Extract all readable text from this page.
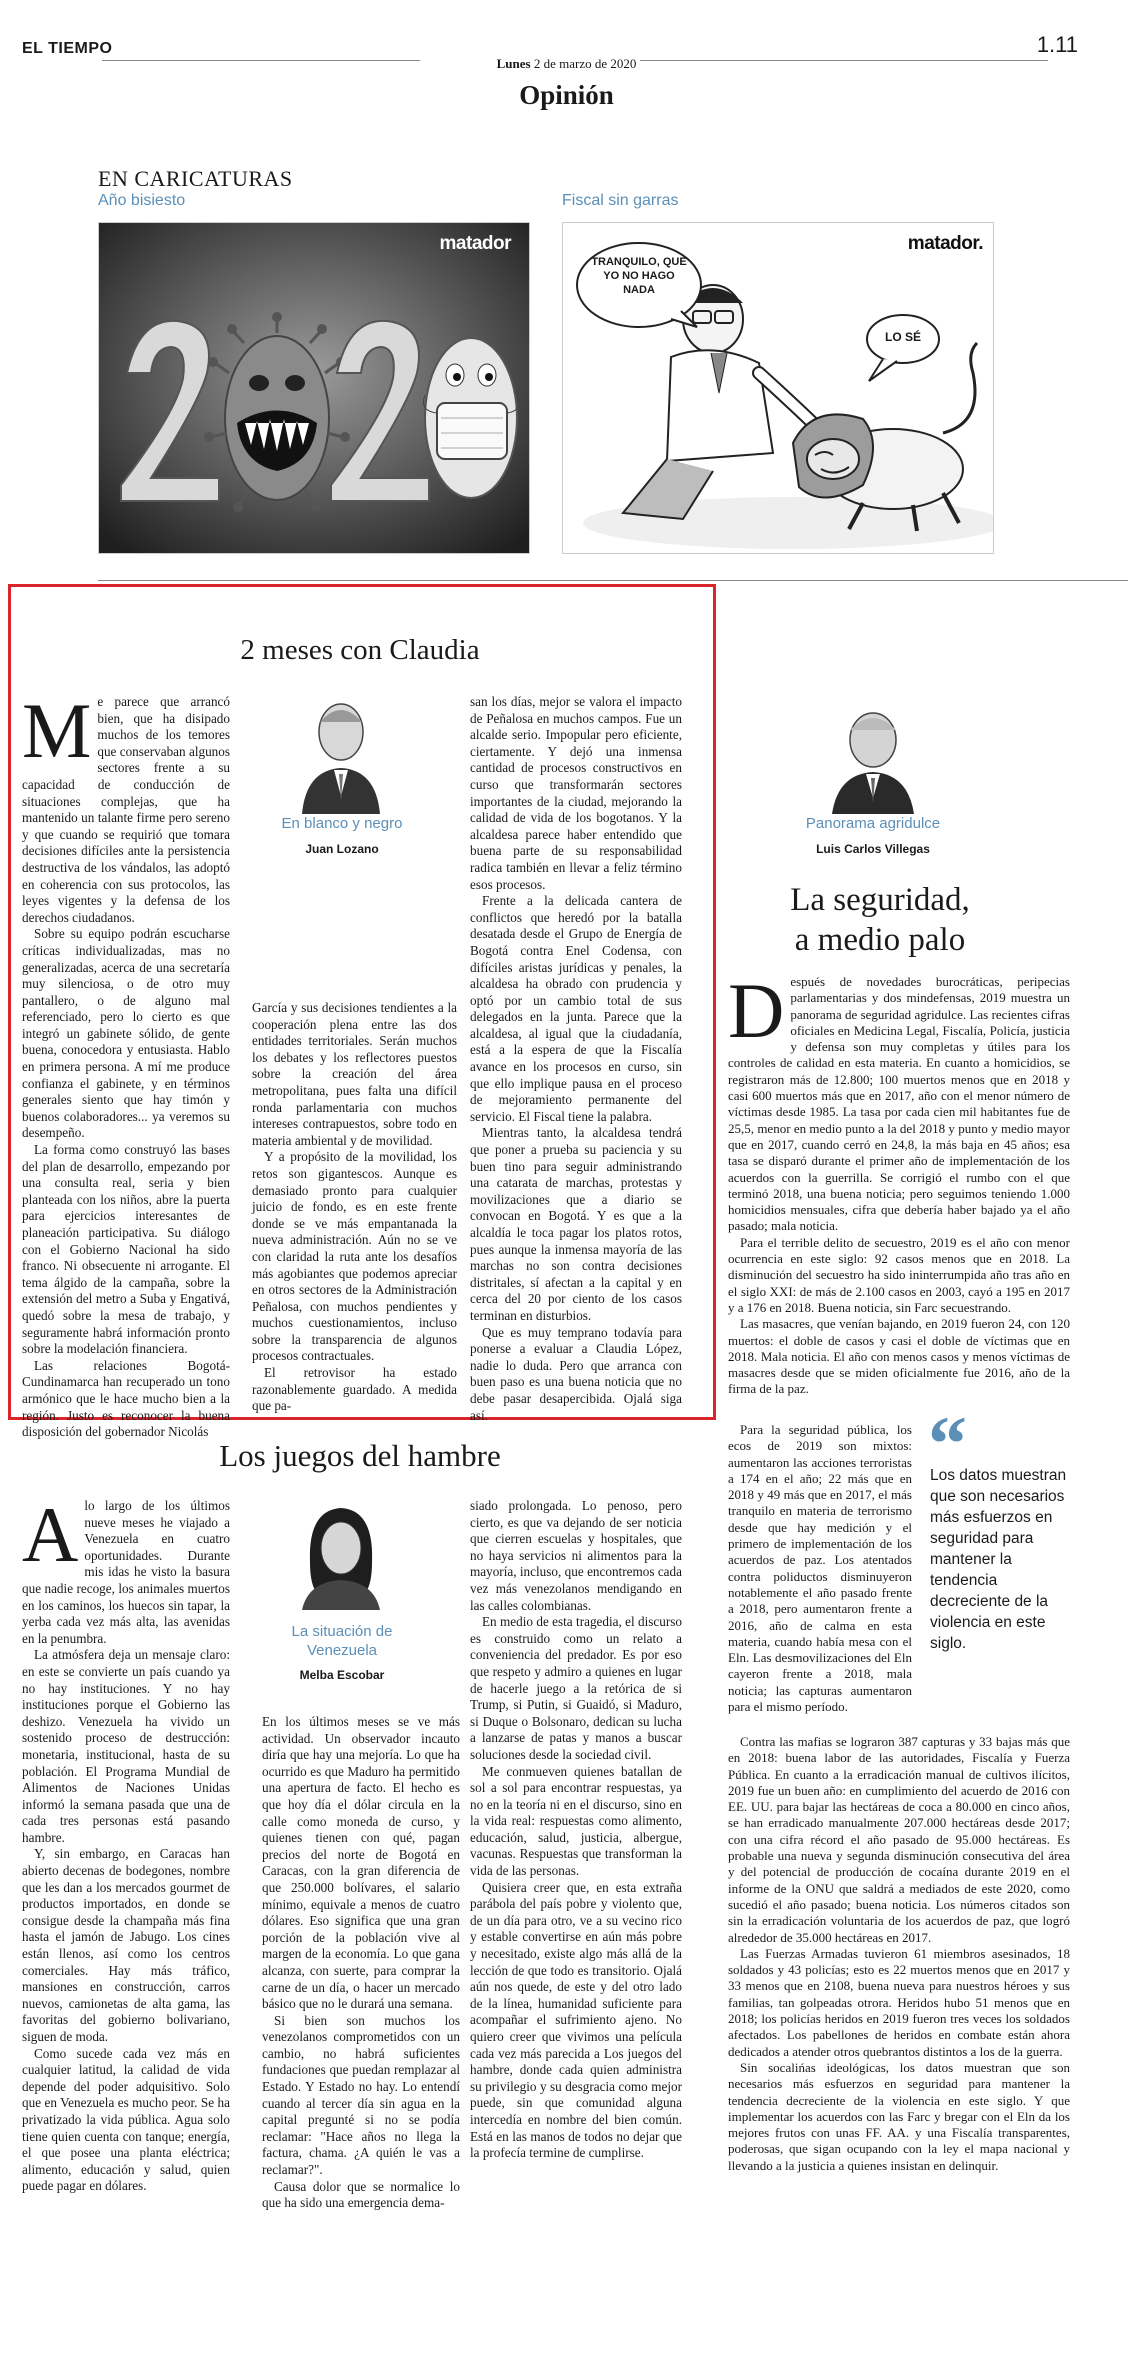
EL TIEMPO
Lunes 2 de marzo de 2020
1.11
Opinión
EN CARICATURAS
Año bisiesto	Fiscal sin garras
matador
TRANQUILO, QUE YO NO HAGO NADA
LO SÉ
matador.
2 meses con Claudia
En blanco y negro
Juan Lozano
M e parece que arrancó bien, que ha disipado muchos de los temores que conservaban algunos sectores frente a su capacidad de conducción de situaciones complejas, que ha mantenido un talante firme pero sereno y que cuando se requirió que tomara decisiones difíciles ante la persistencia destructiva de los vándalos, las adoptó en coherencia con sus protocolos, las leyes vigentes y la defensa de los derechos ciudadanos.

Sobre su equipo podrán escucharse críticas individualizadas, mas no generalizadas, acerca de una secretaría muy silenciosa, o de otro muy pantallero, o de alguno mal referenciado, pero lo cierto es que integró un gabinete sólido, de gente buena, conocedora y entusiasta. Hablo en primera persona. A mí me produce confianza el gabinete, y en términos generales siento que hay timón y buenos colaboradores... ya veremos su desempeño.

La forma como construyó las bases del plan de desarrollo, empezando por una consulta real, seria y bien planteada con los niños, abre la puerta para ejercicios interesantes de planeación participativa. Su diálogo con el Gobierno Nacional ha sido franco. Ni obsecuente ni arrogante. El tema álgido de la campaña, sobre la extensión del metro a Suba y Engativá, quedó sobre la mesa de trabajo, y seguramente habrá información pronto sobre la modelación financiera.

Las relaciones Bogotá-Cundinamarca han recuperado un tono armónico que le hace mucho bien a la región. Justo es reconocer la buena disposición del gobernador Nicolás

García y sus decisiones tendientes a la cooperación plena entre las dos entidades territoriales. Serán muchos los debates y los reflectores puestos sobre la creación del área metropolitana, pues falta una difícil ronda parlamentaria con muchos intereses contrapuestos, sobre todo en materia ambiental y de movilidad.

Y a propósito de la movilidad, los retos son gigantescos. Aunque es demasiado pronto para cualquier juicio de fondo, es en este frente donde se ve más empantanada la nueva administración. Aún no se ve con claridad la ruta ante los desafíos más agobiantes que podemos apreciar en otros sectores de la Administración Peñalosa, con muchos pendientes y muchos cuestionamientos, incluso sobre la transparencia de algunos procesos contractuales.

El retrovisor ha estado razonablemente guardado. A medida que pa-

san los días, mejor se valora el impacto de Peñalosa en muchos campos. Fue un alcalde serio. Impopular pero eficiente, ciertamente. Y dejó una inmensa cantidad de procesos constructivos en curso que transformarán sectores importantes de la ciudad, mejorando la calidad de vida de los bogotanos. Y la alcaldesa parece haber entendido que buena parte de su responsabilidad radica también en llevar a feliz término esos procesos.

Frente a la delicada cantera de conflictos que heredó por la batalla desatada desde el Grupo de Energía de Bogotá contra Enel Codensa, con difíciles aristas jurídicas y penales, la alcaldesa ha obrado con prudencia y optó por un cambio total de sus delegados en la junta. Parece que la alcaldesa, al igual que la ciudadanía, está a la espera de que la Fiscalía avance en los procesos en curso, sin que ello implique pausa en el proceso de mejoramiento permanente del servicio. El Fiscal tiene la palabra.

Mientras tanto, la alcaldesa tendrá que poner a prueba su paciencia y su buen tino para seguir administrando una catarata de marchas, protestas y movilizaciones que a diario se convocan en Bogotá. Y es que a la alcaldía le toca pagar los platos rotos, pues aunque la inmensa mayoría de las marchas no son contra decisiones distritales, sí afectan a la capital y en cerca del 20 por ciento de los casos terminan en disturbios.

Que es muy temprano todavía para ponerse a evaluar a Claudia López, nadie lo duda. Pero que arranca con buen paso es una buena noticia que no debe pasar desapercibida. Ojalá siga así.

Panorama agridulce
Luis Carlos Villegas
La seguridad,
a medio palo
D espués de novedades burocráticas, peripecias parlamentarias y dos mindefensas, 2019 muestra un panorama de seguridad agridulce. Las recientes cifras oficiales en Medicina Legal, Fiscalía, Policía, justicia y defensa son muy completas y útiles para los controles de calidad en esta materia. En cuanto a homicidios, se registraron más de 12.800; 100 muertos menos que en 2018 y casi 600 muertos más que en 2017, año con el menor número de víctimas desde 1985. La tasa por cada cien mil habitantes fue de 25,5, menor en medio punto a la del 2018 y punto y medio mayor que en 2017, cuando cerró en 24,8, la más baja en 45 años; esa tasa se disparó durante el primer año de implementación de los acuerdos con la guerrilla. Se corrigió el rumbo con el que terminó 2018, una buena noticia; pero seguimos teniendo 1.000 homicidios mensuales, cifra que debería haber bajado ya el año pasado; mala noticia.

Para el terrible delito de secuestro, 2019 es el año con menor ocurrencia en este siglo: 92 casos menos que en 2018. La disminución del secuestro ha sido ininterrumpida año tras año en el siglo XXI: de más de 2.100 casos en 2003, cayó a 195 en 2017 y a 176 en 2018. Buena noticia, sin Farc secuestrando.

Las masacres, que venían bajando, en 2019 fueron 24, con 120 muertos: el doble de casos y casi el doble de víctimas que en 2018. Mala noticia. El año con menos casos y menos víctimas de masacres desde que se miden oficialmente fue 2016, año de la firma de la paz.

Para la seguridad pública, los ecos de 2019 son mixtos: aumentaron las acciones terroristas a 174 en el año; 22 más que en 2018 y 49 más que en 2017, el más tranquilo en materia de terrorismo desde que hay medición y el primero de implementación de los acuerdos de paz. Los atentados contra poliductos disminuyeron notablemente el año pasado frente a 2018, pero aumentaron frente a 2016, año de calma en esta materia, cuando había mesa con el Eln. Las desmovilizaciones del Eln cayeron frente a 2018, mala noticia; las capturas aumentaron para el mismo período.

“
Los datos muestran que son necesarios más esfuerzos en seguridad para mantener la tendencia decreciente de la violencia en este siglo.

Contra las mafias se lograron 387 capturas y 33 bajas más que en 2018: buena labor de las autoridades, Fiscalía y Fuerza Pública. En cuanto a la erradicación manual de cultivos ilícitos, 2019 fue un buen año: en cumplimiento del acuerdo de 2016 con EE. UU. para bajar las hectáreas de coca a 80.000 en cinco años, se han erradicado manualmente 207.000 hectáreas desde 2017; con una cifra récord el año pasado de 95.000 hectáreas. Es probable una nueva y segunda disminución consecutiva del área y del potencial de producción de cocaína durante 2019 en el informe de la ONU que saldrá a mediados de este 2020, como sucedió el año pasado; buena noticia. Los números citados son sin la erradicación voluntaria de los acuerdos de paz, que logró alrededor de 35.000 hectáreas en 2017.

Las Fuerzas Armadas tuvieron 61 miembros asesinados, 18 soldados y 43 policías; esto es 22 muertos menos que en 2017 y 33 menos que en 2108, buena nueva para nuestros héroes y sus familias, tan golpeadas otrora. Heridos hubo 51 menos que en 2018; los policías heridos en 2019 fueron tres veces los soldados afectados. Los pabellones de heridos en combate están ahora dedicados a atender otros quebrantos distintos a los de la guerra.

Sin socalińas ideológicas, los datos muestran que son necesarios más esfuerzos en seguridad para mantener la tendencia decreciente de la violencia en este siglo. Y que implementar los acuerdos con las Farc y bregar con el Eln da los mejores frutos con unas FF. AA. y una Fiscalía transparentes, poderosas, que sigan ocupando con la ley el mapa nacional y llevando a la justicia a quienes insistan en delinquir.

Los juegos del hambre
La situación de Venezuela
Melba Escobar
A lo largo de los últimos nueve meses he viajado a Venezuela en cuatro oportunidades. Durante mis idas he visto la basura que nadie recoge, los animales muertos en los caminos, los huecos sin tapar, la yerba cada vez más alta, las avenidas en la penumbra.

La atmósfera deja un mensaje claro: en este se convierte un país cuando ya no hay instituciones. Y no hay instituciones porque el Gobierno las deshizo. Venezuela ha vivido un sostenido proceso de destrucción: monetaria, institucional, hasta de su población. El Programa Mundial de Alimentos de Naciones Unidas informó la semana pasada que una de cada tres personas está pasando hambre.

Y, sin embargo, en Caracas han abierto decenas de bodegones, nombre que les dan a los mercados gourmet de productos importados, en donde se consigue desde la champaña más fina hasta el jamón de Jabugo. Los cines están llenos, así como los centros comerciales. Hay más tráfico, mansiones en construcción, carros nuevos, camionetas de alta gama, las favoritas del gobierno bolivariano, siguen de moda.

Como sucede cada vez más en cualquier latitud, la calidad de vida depende del poder adquisitivo. Solo que en Venezuela es mucho peor. Se ha privatizado la vida pública. Agua solo tiene quien cuenta con tanque; energía, el que posee una planta eléctrica; alimento, educación y salud, quien puede pagar en dólares.

En los últimos meses se ve más actividad. Un observador incauto diría que hay una mejoría. Lo que ha ocurrido es que Maduro ha permitido una apertura de facto. El hecho es que hoy día el dólar circula en la calle como moneda de curso, y quienes tienen con qué, pagan precios del norte de Bogotá en Caracas, con la gran diferencia de que 250.000 bolívares, el salario mínimo, equivale a menos de cuatro dólares. Eso significa que una gran porción de la población vive al margen de la economía. Lo que gana alcanza, con suerte, para comprar la carne de un día, o hacer un mercado básico que no le durará una semana.

Si bien son muchos los venezolanos comprometidos con un cambio, no habrá suficientes fundaciones que puedan remplazar al Estado. Y Estado no hay. Lo entendí cuando al tercer día sin agua en la capital pregunté si no se podía reclamar: "Hace años no llega la factura, chama. ¿A quién le vas a reclamar?".

Causa dolor que se normalice lo que ha sido una emergencia dema-

siado prolongada. Lo penoso, pero cierto, es que va dejando de ser noticia que cierren escuelas y hospitales, que no haya servicios ni alimentos para la mayoría, incluso, que encontremos cada vez más venezolanos mendigando en las calles colombianas.

En medio de esta tragedia, el discurso es construido como un relato a conveniencia del predador. Es por eso que respeto y admiro a quienes en lugar de hacerle juego a la retórica de si Trump, si Putin, si Guaidó, si Maduro, si Duque o Bolsonaro, dedican su lucha a lanzarse de patas y manos a buscar soluciones desde la sociedad civil.

Me conmueven quienes batallan de sol a sol para encontrar respuestas, ya no en la teoría ni en el discurso, sino en la vida real: respuestas como alimento, educación, salud, justicia, albergue, vacunas. Respuestas que transforman la vida de las personas.

Quisiera creer que, en esta extraña parábola del país pobre y violento que, de un día para otro, ve a su vecino rico y estable convertirse en aún más pobre y necesitado, existe algo más allá de la lección de que todo es transitorio. Ojalá aún nos quede, de este y del otro lado de la línea, humanidad suficiente para acompañar el sufrimiento ajeno. No quiero creer que vivimos una película cada vez más parecida a Los juegos del hambre, donde cada quien administra su privilegio y su desgracia como mejor puede, sin que comunidad alguna intercedía en nombre del bien común. Está en las manos de todos no dejar que la profecía termine de cumplirse.
